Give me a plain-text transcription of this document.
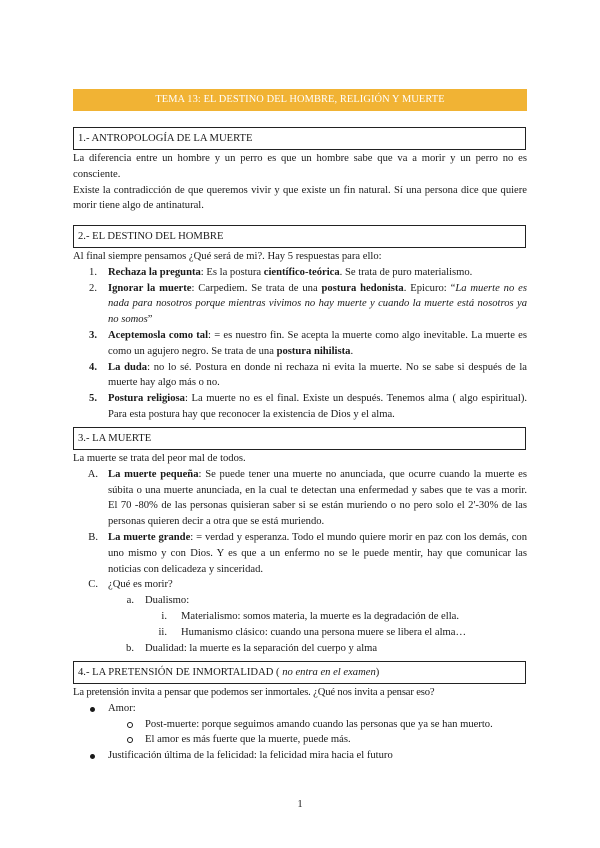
TEMA 13: EL DESTINO DEL HOMBRE, RELIGIÓN Y MUERTE
1.- ANTROPOLOGÍA DE LA MUERTE

La diferencia entre un hombre y un perro es que un hombre sabe que va a morir y un perro no es consciente.

Existe la contradicción de que queremos vivir y que existe un fin natural. Sí una persona dice que quiere morir tiene algo de antinatural.

2.- EL DESTINO DEL HOMBRE

Al final siempre pensamos ¿Qué será de mi?. Hay 5 respuestas para ello:

1. Rechaza la pregunta: Es la postura científico-teórica. Se trata de puro materialismo.
2. Ignorar la muerte: Carpediem. Se trata de una postura hedonista. Epicuro: “La muerte no es nada para nosotros porque mientras vivimos no hay muerte y cuando la muerte está nosotros ya no somos”
3. Aceptemosla como tal: = es nuestro fin. Se acepta la muerte como algo inevitable. La muerte es como un agujero negro. Se trata de una postura nihilista.
4. La duda: no lo sé. Postura en donde ni rechaza ni evita la muerte. No se sabe si después de la muerte hay algo más o no.
5. Postura religiosa: La muerte no es el final. Existe un después. Tenemos alma ( algo espiritual). Para esta postura hay que reconocer la existencia de Dios y el alma.
3.- LA MUERTE

La muerte se trata del peor mal de todos.

A. La muerte pequeña: Se puede tener una muerte no anunciada, que ocurre cuando la muerte es súbita o una muerte anunciada, en la cual te detectan una enfermedad y sabes que te vas a morir. El 70 -80% de las personas quisieran saber si se están muriendo o no pero solo el 2'-30% de las personas quieren decir a otra que se está muriendo.
B. La muerte grande: = verdad y esperanza. Todo el mundo quiere morir en paz con los demás, con uno mismo y con Dios. Y es que a un enfermo no se le puede mentir, hay que comunicar las noticias con delicadeza y sinceridad.
C. ¿Qué es morir?
a. Dualismo:
i. Materialismo: somos materia, la muerte es la degradación de ella.
ii. Humanismo clásico: cuando una persona muere se libera el alma…
b. Dualidad: la muerte es la separación del cuerpo y alma
4.- LA PRETENSIÓN DE INMORTALIDAD ( no entra en el examen)

La pretensión invita a pensar que podemos ser inmortales. ¿Qué nos invita a pensar eso?

Amor:
Post-muerte: porque seguimos amando cuando las personas que ya se han muerto.
El amor es más fuerte que la muerte, puede más.
Justificación última de la felicidad: la felicidad mira hacia el futuro
1
